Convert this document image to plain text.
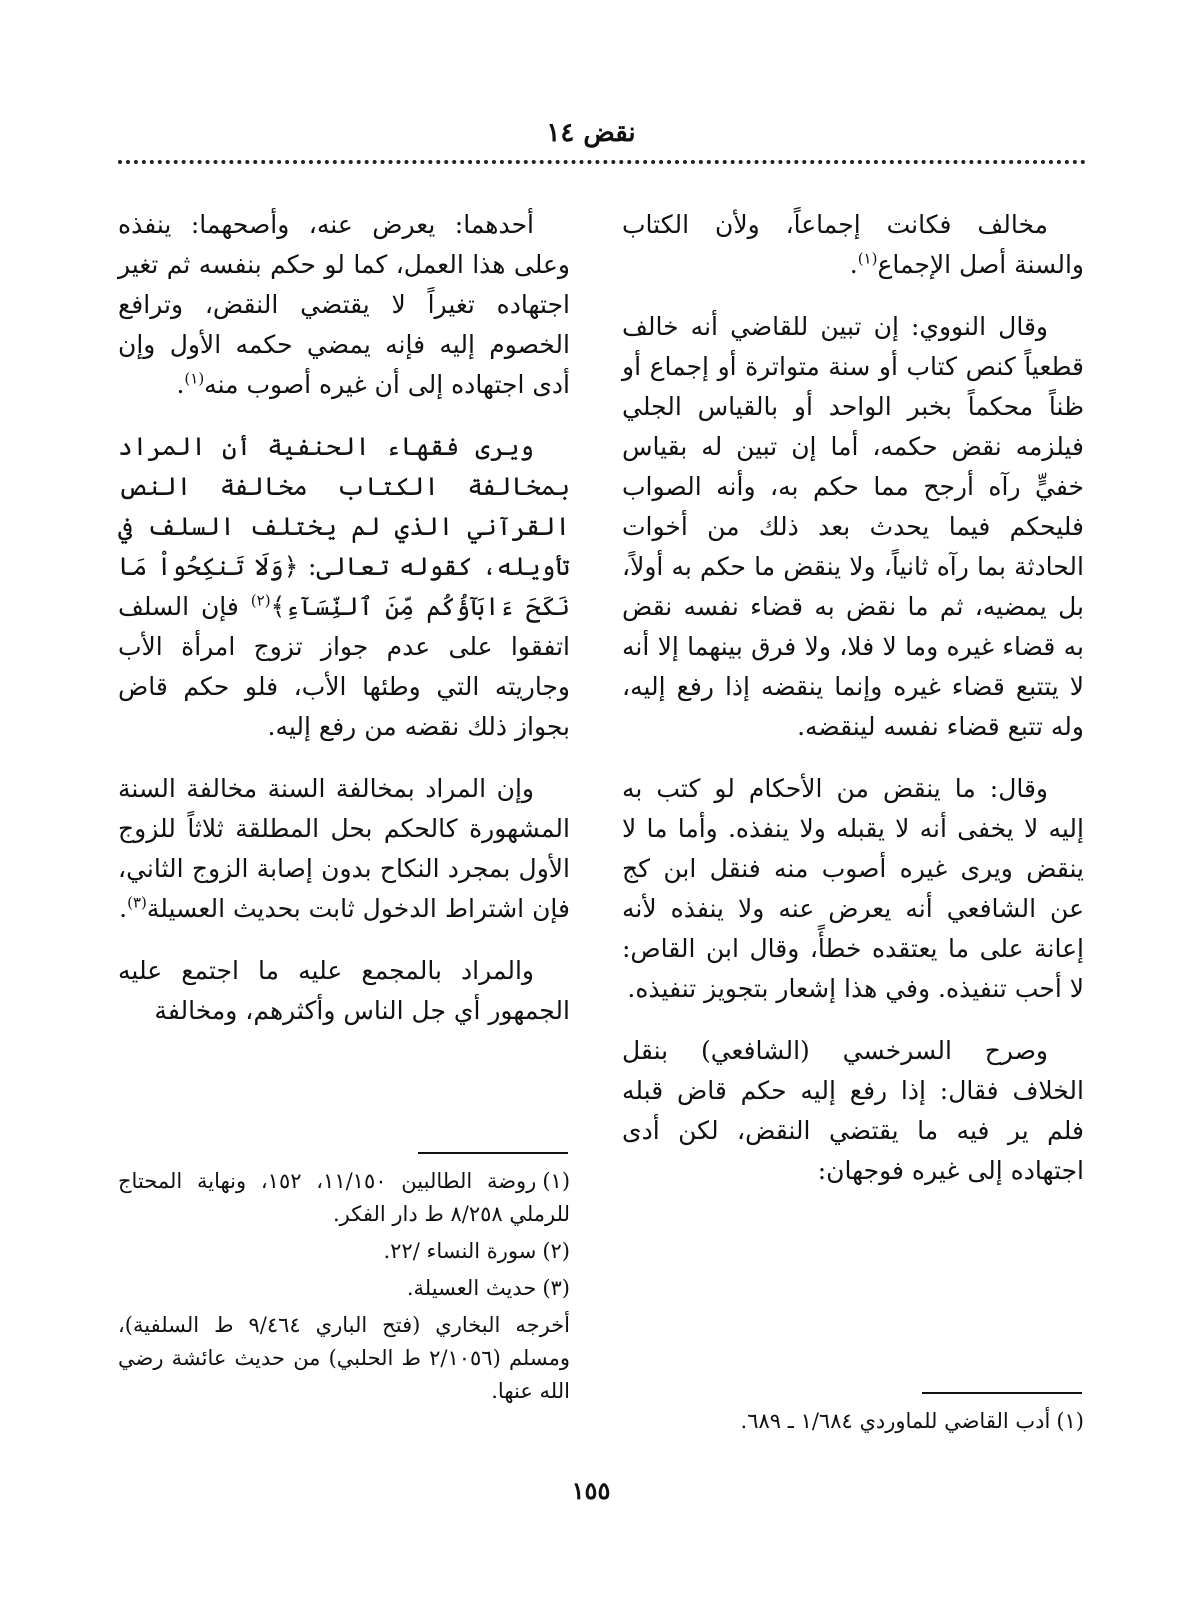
نقض ١٤

مخالف فكانت إجماعاً، ولأن الكتاب والسنة أصل الإجماع$^{(١)}$.

وقال النووي: إن تبين للقاضي أنه خالف قطعياً كنص كتاب أو سنة متواترة أو إجماع أو ظناً محكماً بخبر الواحد أو بالقياس الجلي فيلزمه نقض حكمه، أما إن تبين له بقياس خفيٍّ رآه أرجح مما حكم به، وأنه الصواب فليحكم فيما يحدث بعد ذلك من أخوات الحادثة بما رآه ثانياً، ولا ينقض ما حكم به أولاً، بل يمضيه، ثم ما نقض به قضاء نفسه نقض به قضاء غيره وما لا فلا، ولا فرق بينهما إلا أنه لا يتتبع قضاء غيره وإنما ينقضه إذا رفع إليه، وله تتبع قضاء نفسه لينقضه.

وقال: ما ينقض من الأحكام لو كتب به إليه لا يخفى أنه لا يقبله ولا ينفذه. وأما ما لا ينقض ويرى غيره أصوب منه فنقل ابن كج عن الشافعي أنه يعرض عنه ولا ينفذه لأنه إعانة على ما يعتقده خطأً، وقال ابن القاص: لا أحب تنفيذه. وفي هذا إشعار بتجويز تنفيذه.

وصرح السرخسي (الشافعي) بنقل الخلاف فقال: إذا رفع إليه حكم قاض قبله فلم ير فيه ما يقتضي النقض، لكن أدى اجتهاده إلى غيره فوجهان:

أحدهما: يعرض عنه، وأصحهما: ينفذه وعلى هذا العمل، كما لو حكم بنفسه ثم تغير اجتهاده تغيراً لا يقتضي النقض، وترافع الخصوم إليه فإنه يمضي حكمه الأول وإن أدى اجتهاده إلى أن غيره أصوب منه$^{(١)}$.

ويرى فقهاء الحنفية أن المراد بمخالفة الكتاب مخالفة النص القرآني الذي لم يختلف السلف في تأويله، كقوله تعالى: ﴿وَلَا تَنكِحُواْ مَا نَكَحَ ءَابَآؤُكُم مِّنَ ٱلنِّسَآءِ﴾$^{(٢)}$ فإن السلف اتفقوا على عدم جواز تزوج امرأة الأب وجاريته التي وطئها الأب، فلو حكم قاض بجواز ذلك نقضه من رفع إليه.

وإن المراد بمخالفة السنة مخالفة السنة المشهورة كالحكم بحل المطلقة ثلاثاً للزوج الأول بمجرد النكاح بدون إصابة الزوج الثاني، فإن اشتراط الدخول ثابت بحديث العسيلة$^{(٣)}$.

والمراد بالمجمع عليه ما اجتمع عليه الجمهور أي جل الناس وأكثرهم، ومخالفة

(١)روضة الطالبين ١١/١٥٠، ١٥٢، ونهاية المحتاج للرملي ٨/٢٥٨ ط دار الفكر.

(٢)سورة النساء /٢٢.

(٣)حديث العسيلة.

أخرجه البخاري (فتح الباري ٩/٤٦٤ ط السلفية)، ومسلم (٢/١٠٥٦ ط الحلبي) من حديث عائشة رضي الله عنها.

(١)أدب القاضي للماوردي ١/٦٨٤ ـ ٦٨٩.

١٥٥
